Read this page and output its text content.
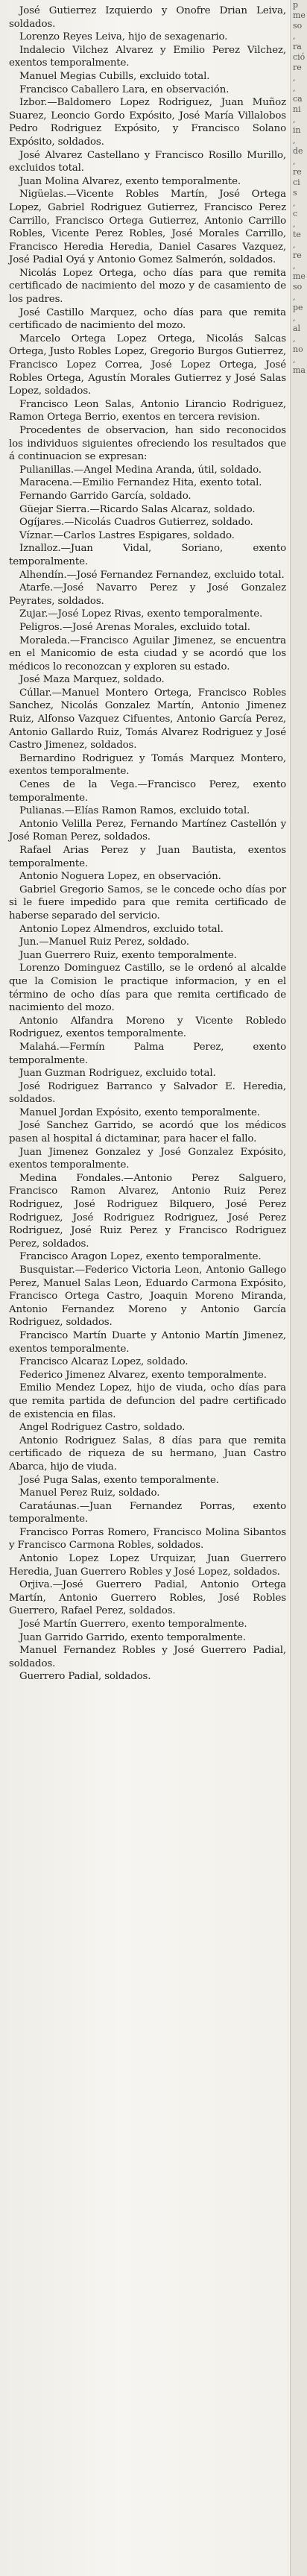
José Gutierrez Izquierdo y Onofre Drian Leiva, soldados.

Lorenzo Reyes Leiva, hijo de sexagenario.

Indalecio Vilchez Alvarez y Emilio Perez Vilchez, exentos temporalmente.

Manuel Megias Cubills, excluido total.

Francisco Caballero Lara, en observación.

Izbor.—Baldomero Lopez Rodriguez, Juan Muñoz Suarez, Leoncio Gordo Expósito, José María Villalobos Pedro Rodriguez Expósito, y Francisco Solano Expósito, soldados.

José Alvarez Castellano y Francisco Rosillo Murillo, excluidos total.

Juan Molina Alvarez, exento temporalmente.

Nigüelas.—Vicente Robles Martín, José Ortega Lopez, Gabriel Rodriguez Gutierrez, Francisco Perez Carrillo, Francisco Ortega Gutierrez, Antonio Carrillo Robles, Vicente Perez Robles, José Morales Carrillo, Francisco Heredia Heredia, Daniel Casares Vazquez, José Padial Oyá y Antonio Gomez Salmerón, soldados.

Nicolás Lopez Ortega, ocho días para que remita certificado de nacimiento del mozo y de casamiento de los padres.

José Castillo Marquez, ocho días para que remita certificado de nacimiento del mozo.

Marcelo Ortega Lopez Ortega, Nicolás Salcas Ortega, Justo Robles Lopez, Gregorio Burgos Gutierrez, Francisco Lopez Correa, José Lopez Ortega, José Robles Ortega, Agustín Morales Gutierrez y José Salas Lopez, soldados.

Francisco Leon Salas, Antonio Lirancio Rodriguez, Ramon Ortega Berrio, exentos en tercera revision.

Procedentes de observacion, han sido reconocidos los individuos siguientes ofreciendo los resultados que á continuacion se expresan:

Pulianillas.—Angel Medina Aranda, útil, soldado.

Maracena.—Emilio Fernandez Hita, exento total.

Fernando Garrido García, soldado.

Güejar Sierra.—Ricardo Salas Alcaraz, soldado.

Ogíjares.—Nicolás Cuadros Gutierrez, soldado.

Víznar.—Carlos Lastres Espigares, soldado.

Iznalloz.—Juan Vidal, Soriano, exento temporalmente.

Alhendín.—José Fernandez Fernandez, excluido total.

Atarfe.—José Navarro Perez y José Gonzalez Peyrates, soldados.

Zujar.—José Lopez Rivas, exento temporalmente.

Peligros.—José Arenas Morales, excluido total.

Moraleda.—Francisco Aguilar Jimenez, se encuentra en el Manicomio de esta ciudad y se acordó que los médicos lo reconozcan y exploren su estado.

José Maza Marquez, soldado.

Cúllar.—Manuel Montero Ortega, Francisco Robles Sanchez, Nicolás Gonzalez Martín, Antonio Jimenez Ruiz, Alfonso Vazquez Cifuentes, Antonio García Perez, Antonio Gallardo Ruiz, Tomás Alvarez Rodriguez y José Castro Jimenez, soldados.

Bernardino Rodriguez y Tomás Marquez Montero, exentos temporalmente.

Cenes de la Vega.—Francisco Perez, exento temporalmente.

Pulianas.—Elías Ramon Ramos, excluido total.

Antonio Velilla Perez, Fernando Martínez Castellón y José Roman Perez, soldados.

Rafael Arias Perez y Juan Bautista, exentos temporalmente.

Antonio Noguera Lopez, en observación.

Gabriel Gregorio Samos, se le concede ocho días por si le fuere impedido para que remita certificado de haberse separado del servicio.

Antonio Lopez Almendros, excluido total.

Jun.—Manuel Ruiz Perez, soldado.

Juan Guerrero Ruiz, exento temporalmente.

Lorenzo Dominguez Castillo, se le ordenó al alcalde que la Comision le practique informacion, y en el término de ocho días para que remita certificado de nacimiento del mozo.

Antonio Alfandra Moreno y Vicente Robledo Rodriguez, exentos temporalmente.

Malahá.—Fermín Palma Perez, exento temporalmente.

Juan Guzman Rodriguez, excluido total.

José Rodriguez Barranco y Salvador E. Heredia, soldados.

Manuel Jordan Expósito, exento temporalmente.

José Sanchez Garrido, se acordó que los médicos pasen al hospital á dictaminar, para hacer el fallo.

Juan Jimenez Gonzalez y José Gonzalez Expósito, exentos temporalmente.

Medina Fondales.—Antonio Perez Salguero, Francisco Ramon Alvarez, Antonio Ruiz Perez Rodriguez, José Rodriguez Bilquero, José Perez Rodriguez, José Rodriguez Rodriguez, José Perez Rodriguez, José Ruiz Perez y Francisco Rodriguez Perez, soldados.

Francisco Aragon Lopez, exento temporalmente.

Busquistar.—Federico Victoria Leon, Antonio Gallego Perez, Manuel Salas Leon, Eduardo Carmona Expósito, Francisco Ortega Castro, Joaquin Moreno Miranda, Antonio Fernandez Moreno y Antonio García Rodriguez, soldados.

Francisco Martín Duarte y Antonio Martín Jimenez, exentos temporalmente.

Francisco Alcaraz Lopez, soldado.

Federico Jimenez Alvarez, exento temporalmente.

Emilio Mendez Lopez, hijo de viuda, ocho días para que remita partida de defuncion del padre certificado de existencia en filas.

Angel Rodriguez Castro, soldado.

Antonio Rodriguez Salas, 8 días para que remita certificado de riqueza de su hermano, Juan Castro Abarca, hijo de viuda.

José Puga Salas, exento temporalmente.

Manuel Perez Ruiz, soldado.

Caratáunas.—Juan Fernandez Porras, exento temporalmente.

Francisco Porras Romero, Francisco Molina Sibantos y Francisco Carmona Robles, soldados.

Antonio Lopez Lopez Urquizar, Juan Guerrero Heredia, Juan Guerrero Robles y José Lopez, soldados.

Orjiva.—José Guerrero Padial, Antonio Ortega Martín, Antonio Guerrero Robles, José Robles Guerrero, Rafael Perez, soldados.

José Martín Guerrero, exento temporalmente.

Juan Garrido Garrido, exento temporalmente.

Manuel Fernandez Robles y José Guerrero Padial, soldados.

Guerrero Padial, soldados.

p
me
so
,
ra
ció
re
,
,
ca
ni
,
in
,
de
,
re
ci
s
,
c
,
te
,
re
,
me
so
,
pe
,
al
,
no
,
ma
